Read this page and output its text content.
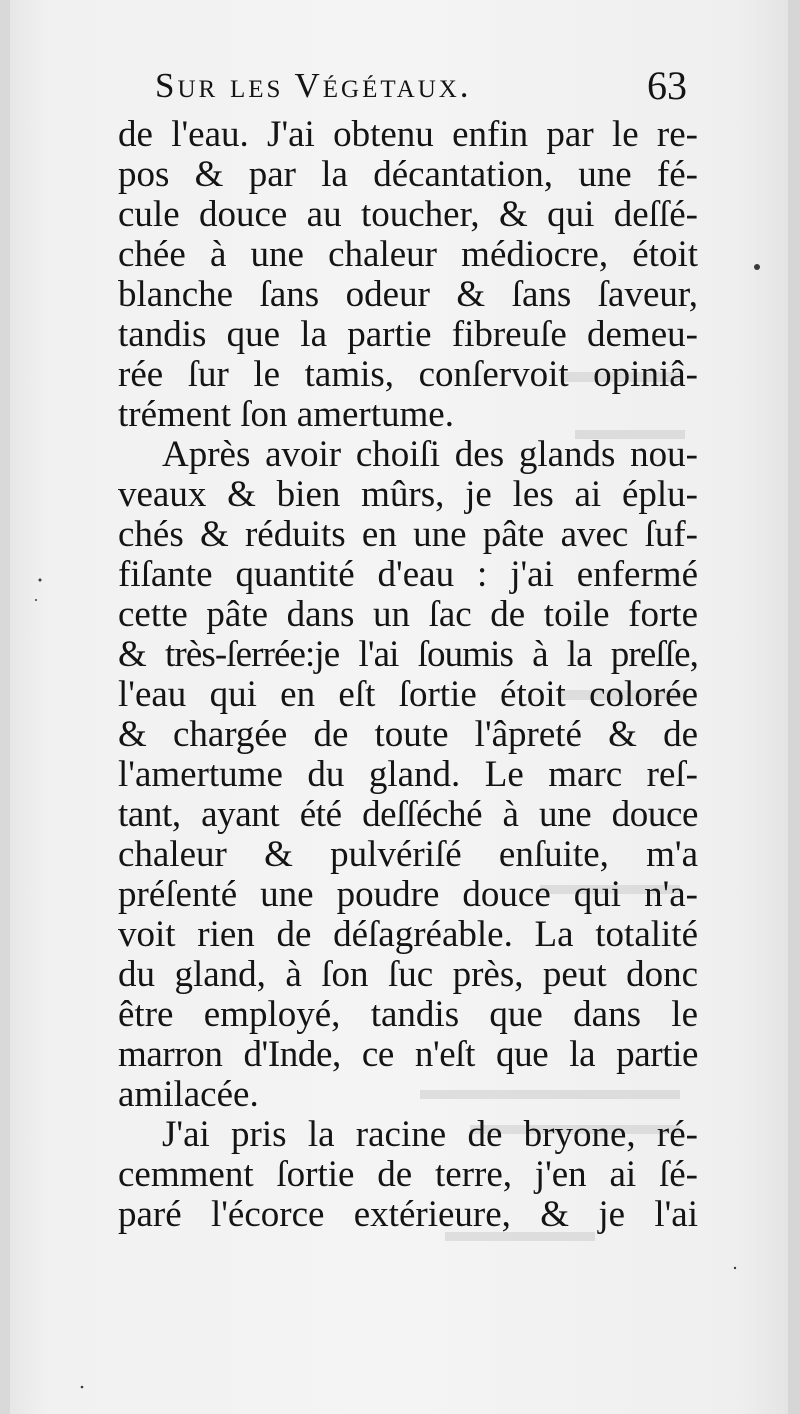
Sur les Végétaux.	63
de l'eau. J'ai obtenu enfin par le re-
pos & par la décantation, une fé-
cule douce au toucher, & qui deſſé-
chée à une chaleur médiocre, étoit
blanche ſans odeur & ſans ſaveur,
tandis que la partie fibreuſe demeu-
rée ſur le tamis, conſervoit opiniâ-
trément ſon amertume.
Après avoir choiſi des glands nou-
veaux & bien mûrs, je les ai éplu-
chés & réduits en une pâte avec ſuf-
fiſante quantité d'eau : j'ai enfermé
cette pâte dans un ſac de toile forte
& très-ſerrée:je l'ai ſoumis à la preſſe,
l'eau qui en eſt ſortie étoit colorée
& chargée de toute l'âpreté & de
l'amertume du gland. Le marc reſ-
tant, ayant été deſſéché à une douce
chaleur & pulvériſé enſuite, m'a
préſenté une poudre douce qui n'a-
voit rien de déſagréable. La totalité
du gland, à ſon ſuc près, peut donc
être employé, tandis que dans le
marron d'Inde, ce n'eſt que la partie
amilacée.
J'ai pris la racine de bryone, ré-
cemment ſortie de terre, j'en ai ſé-
paré l'écorce extérieure, & je l'ai
